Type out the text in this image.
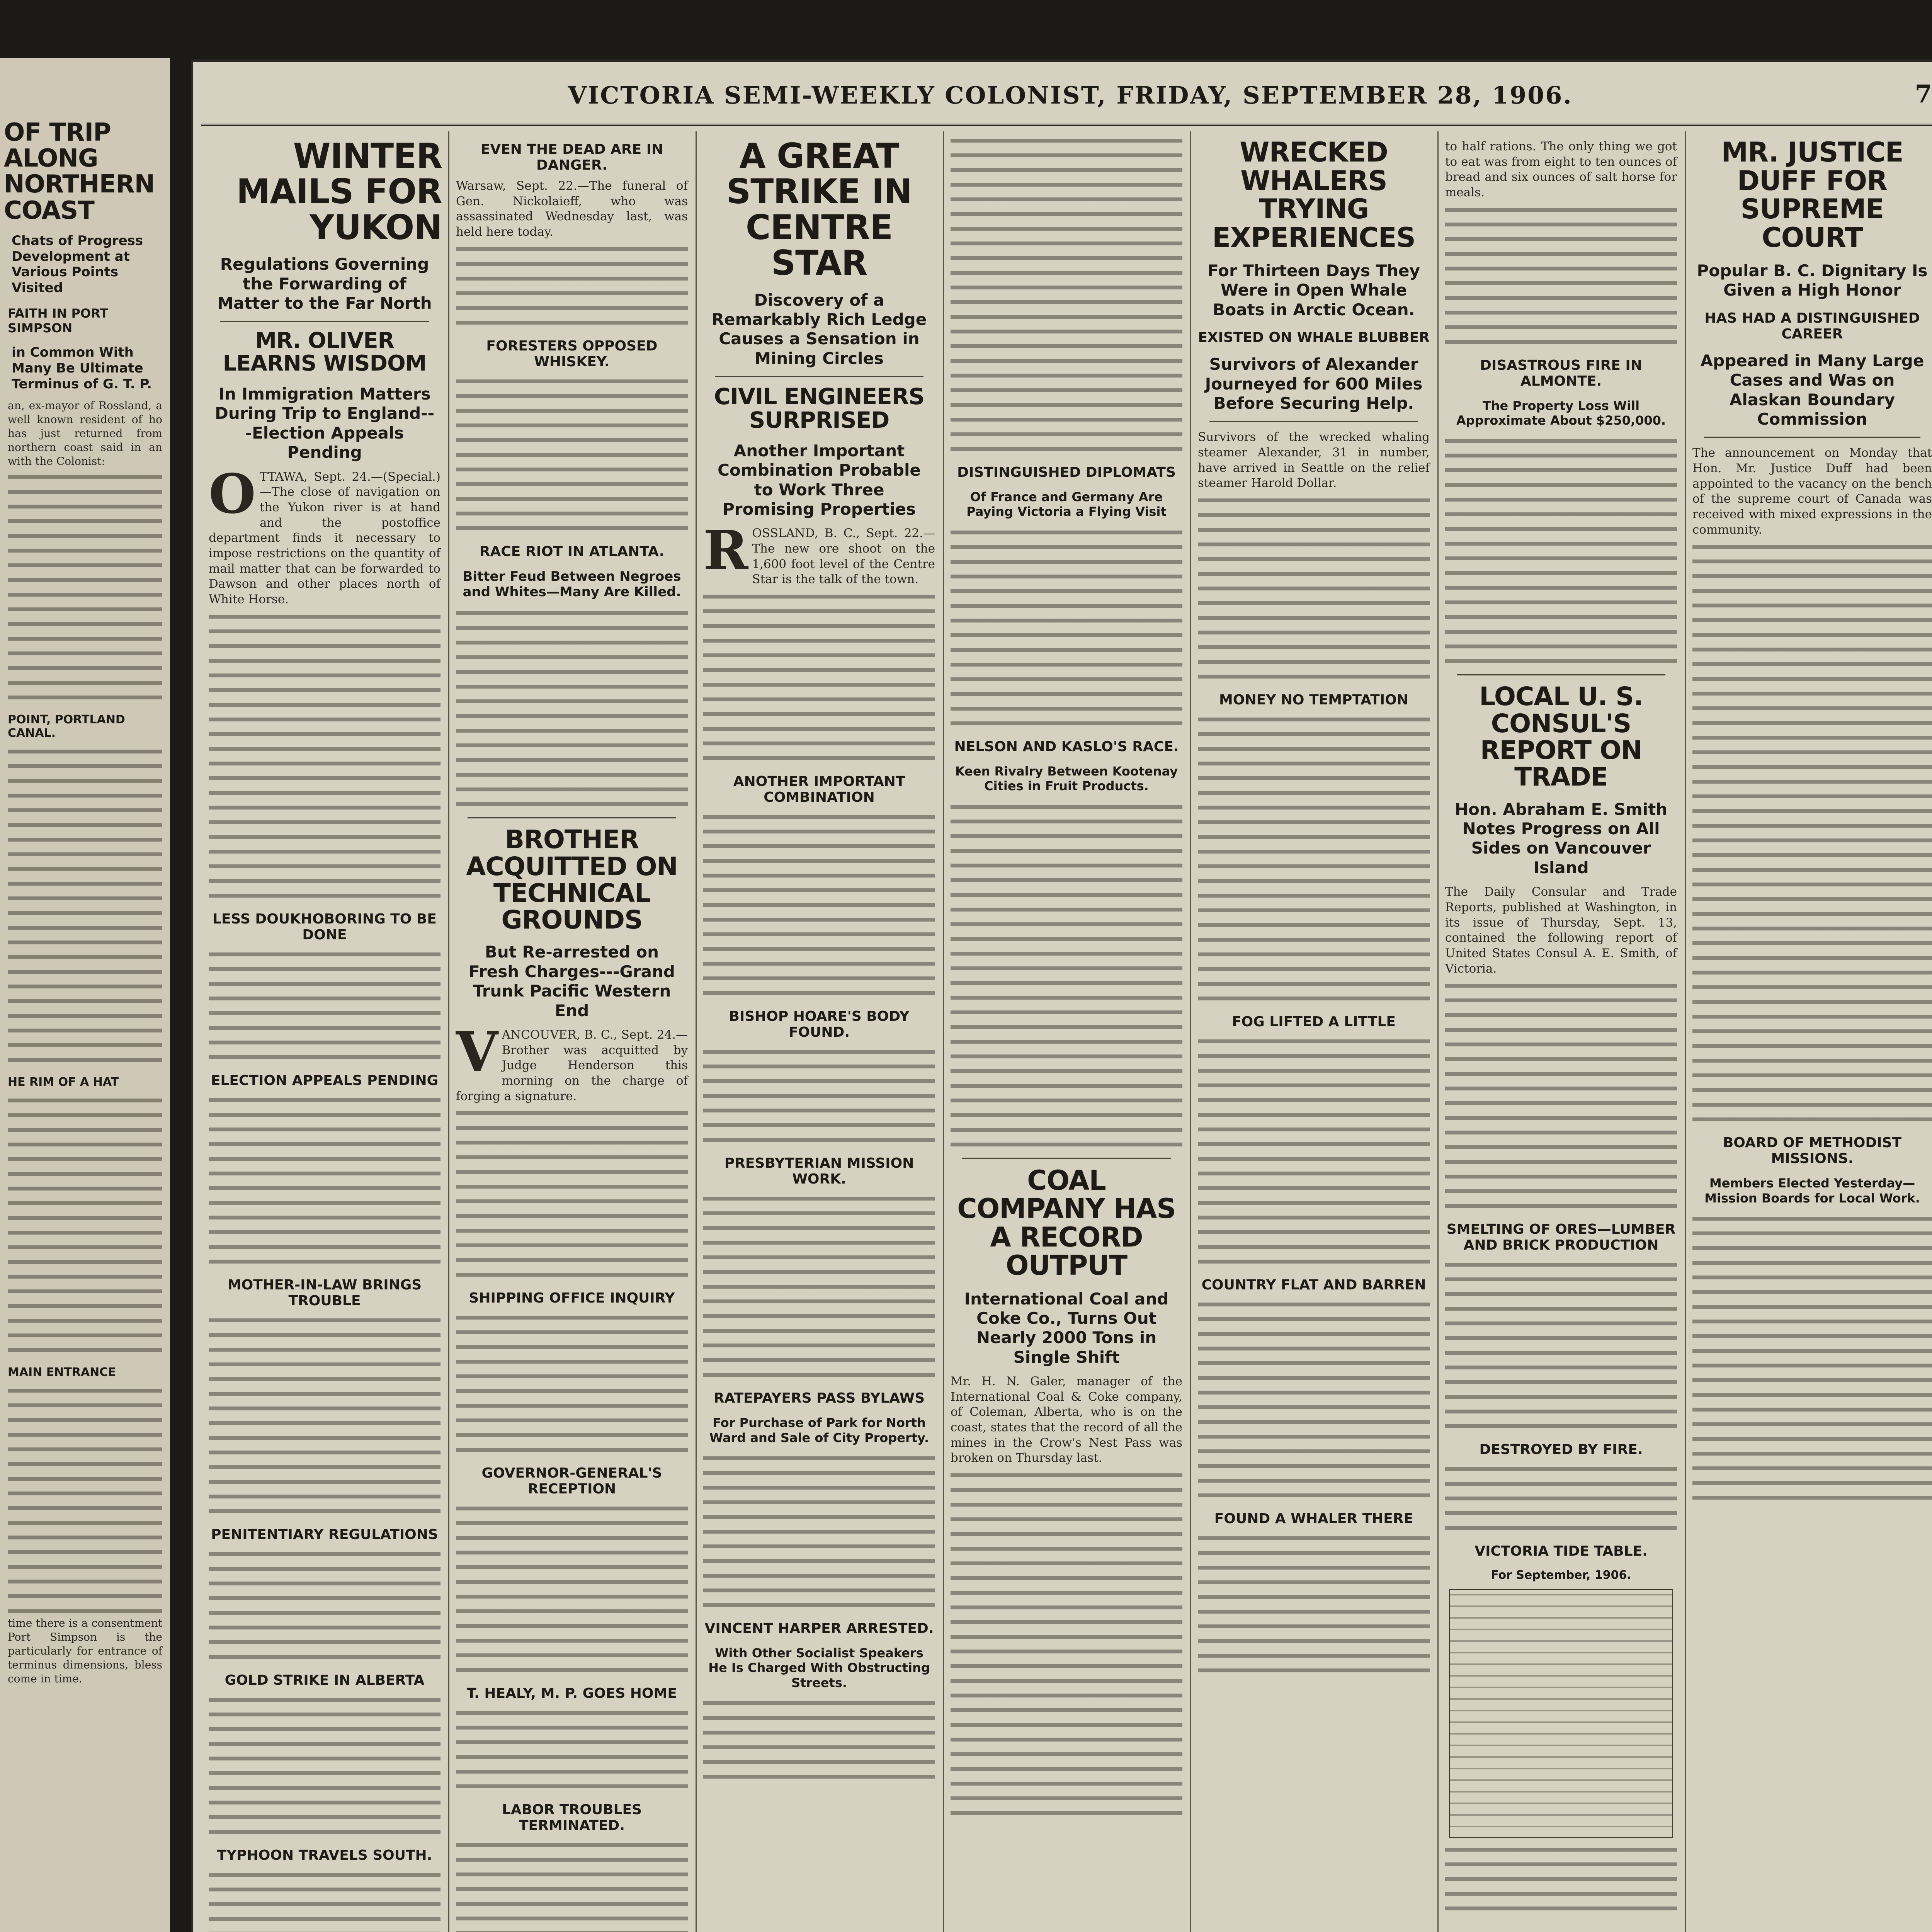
VICTORIA SEMI-WEEKLY COLONIST, FRIDAY, SEPTEMBER 28, 1906.	7
WINTER MAILS FOR YUKON
Regulations Governing the Forwarding of Matter to the Far North
MR. OLIVER LEARNS WISDOM
In Immigration Matters During Trip to England---Election Appeals Pending
O TTAWA, Sept. 24.—(Special.)—The close of navigation on the Yukon river is at hand and the postoffice department finds it necessary to impose restrictions on the quantity of mail matter that can be forwarded to Dawson and other places north of White Horse.
LESS DOUKHOBORING TO BE DONE
ELECTION APPEALS PENDING
MOTHER-IN-LAW BRINGS TROUBLE
PENITENTIARY REGULATIONS
GOLD STRIKE IN ALBERTA
TYPHOON TRAVELS SOUTH.
EVEN THE DEAD ARE IN DANGER.
Warsaw, Sept. 22.—The funeral of Gen. Nickolaieff, who was assassinated Wednesday last, was held here today.
FORESTERS OPPOSED WHISKEY.
RACE RIOT IN ATLANTA.
Bitter Feud Between Negroes and Whites—Many Are Killed.
BROTHER ACQUITTED ON TECHNICAL GROUNDS
But Re-arrested on Fresh Charges---Grand Trunk Pacific Western End
V ANCOUVER, B. C., Sept. 24.—Brother was acquitted by Judge Henderson this morning on the charge of forging a signature.
SHIPPING OFFICE INQUIRY
GOVERNOR-GENERAL'S RECEPTION
T. HEALY, M. P. GOES HOME
LABOR TROUBLES TERMINATED.
A GREAT STRIKE IN CENTRE STAR
Discovery of a Remarkably Rich Ledge Causes a Sensation in Mining Circles
CIVIL ENGINEERS SURPRISED
Another Important Combination Probable to Work Three Promising Properties
R OSSLAND, B. C., Sept. 22.—The new ore shoot on the 1,600 foot level of the Centre Star is the talk of the town.
ANOTHER IMPORTANT COMBINATION
BISHOP HOARE'S BODY FOUND.
PRESBYTERIAN MISSION WORK.
RATEPAYERS PASS BYLAWS
For Purchase of Park for North Ward and Sale of City Property.
VINCENT HARPER ARRESTED.
With Other Socialist Speakers He Is Charged With Obstructing Streets.
DISTINGUISHED DIPLOMATS
Of France and Germany Are Paying Victoria a Flying Visit
NELSON AND KASLO'S RACE.
Keen Rivalry Between Kootenay Cities in Fruit Products.
COAL COMPANY HAS A RECORD OUTPUT
International Coal and Coke Co., Turns Out Nearly 2000 Tons in Single Shift
Mr. H. N. Galer, manager of the International Coal & Coke company, of Coleman, Alberta, who is on the coast, states that the record of all the mines in the Crow's Nest Pass was broken on Thursday last.
WRECKED WHALERS TRYING EXPERIENCES
For Thirteen Days They Were in Open Whale Boats in Arctic Ocean.
EXISTED ON WHALE BLUBBER
Survivors of Alexander Journeyed for 600 Miles Before Securing Help.
Survivors of the wrecked whaling steamer Alexander, 31 in number, have arrived in Seattle on the relief steamer Harold Dollar.
MONEY NO TEMPTATION
FOG LIFTED A LITTLE
COUNTRY FLAT AND BARREN
FOUND A WHALER THERE
to half rations. The only thing we got to eat was from eight to ten ounces of bread and six ounces of salt horse for meals.
DISASTROUS FIRE IN ALMONTE.
The Property Loss Will Approximate About $250,000.
LOCAL U. S. CONSUL'S REPORT ON TRADE
Hon. Abraham E. Smith Notes Progress on All Sides on Vancouver Island
The Daily Consular and Trade Reports, published at Washington, in its issue of Thursday, Sept. 13, contained the following report of United States Consul A. E. Smith, of Victoria.
SMELTING OF ORES—LUMBER AND BRICK PRODUCTION
DESTROYED BY FIRE.
VICTORIA TIDE TABLE.
For September, 1906.
MR. JUSTICE DUFF FOR SUPREME COURT
Popular B. C. Dignitary Is Given a High Honor
HAS HAD A DISTINGUISHED CAREER
Appeared in Many Large Cases and Was on Alaskan Boundary Commission
The announcement on Monday that Hon. Mr. Justice Duff had been appointed to the vacancy on the bench of the supreme court of Canada was received with mixed expressions in the community.
BOARD OF METHODIST MISSIONS.
Members Elected Yesterday—Mission Boards for Local Work.
OF TRIP ALONG NORTHERN COAST
Chats of Progress Development at Various Points Visited
FAITH IN PORT SIMPSON
in Common With Many Be Ultimate Terminus of G. T. P.
an, ex-mayor of Rossland, a well known resident of ho has just returned from northern coast said in an with the Colonist:
POINT, PORTLAND CANAL.
HE RIM OF A HAT
MAIN ENTRANCE
time there is a consentment Port Simpson is the particularly for entrance of terminus dimensions, bless come in time.
